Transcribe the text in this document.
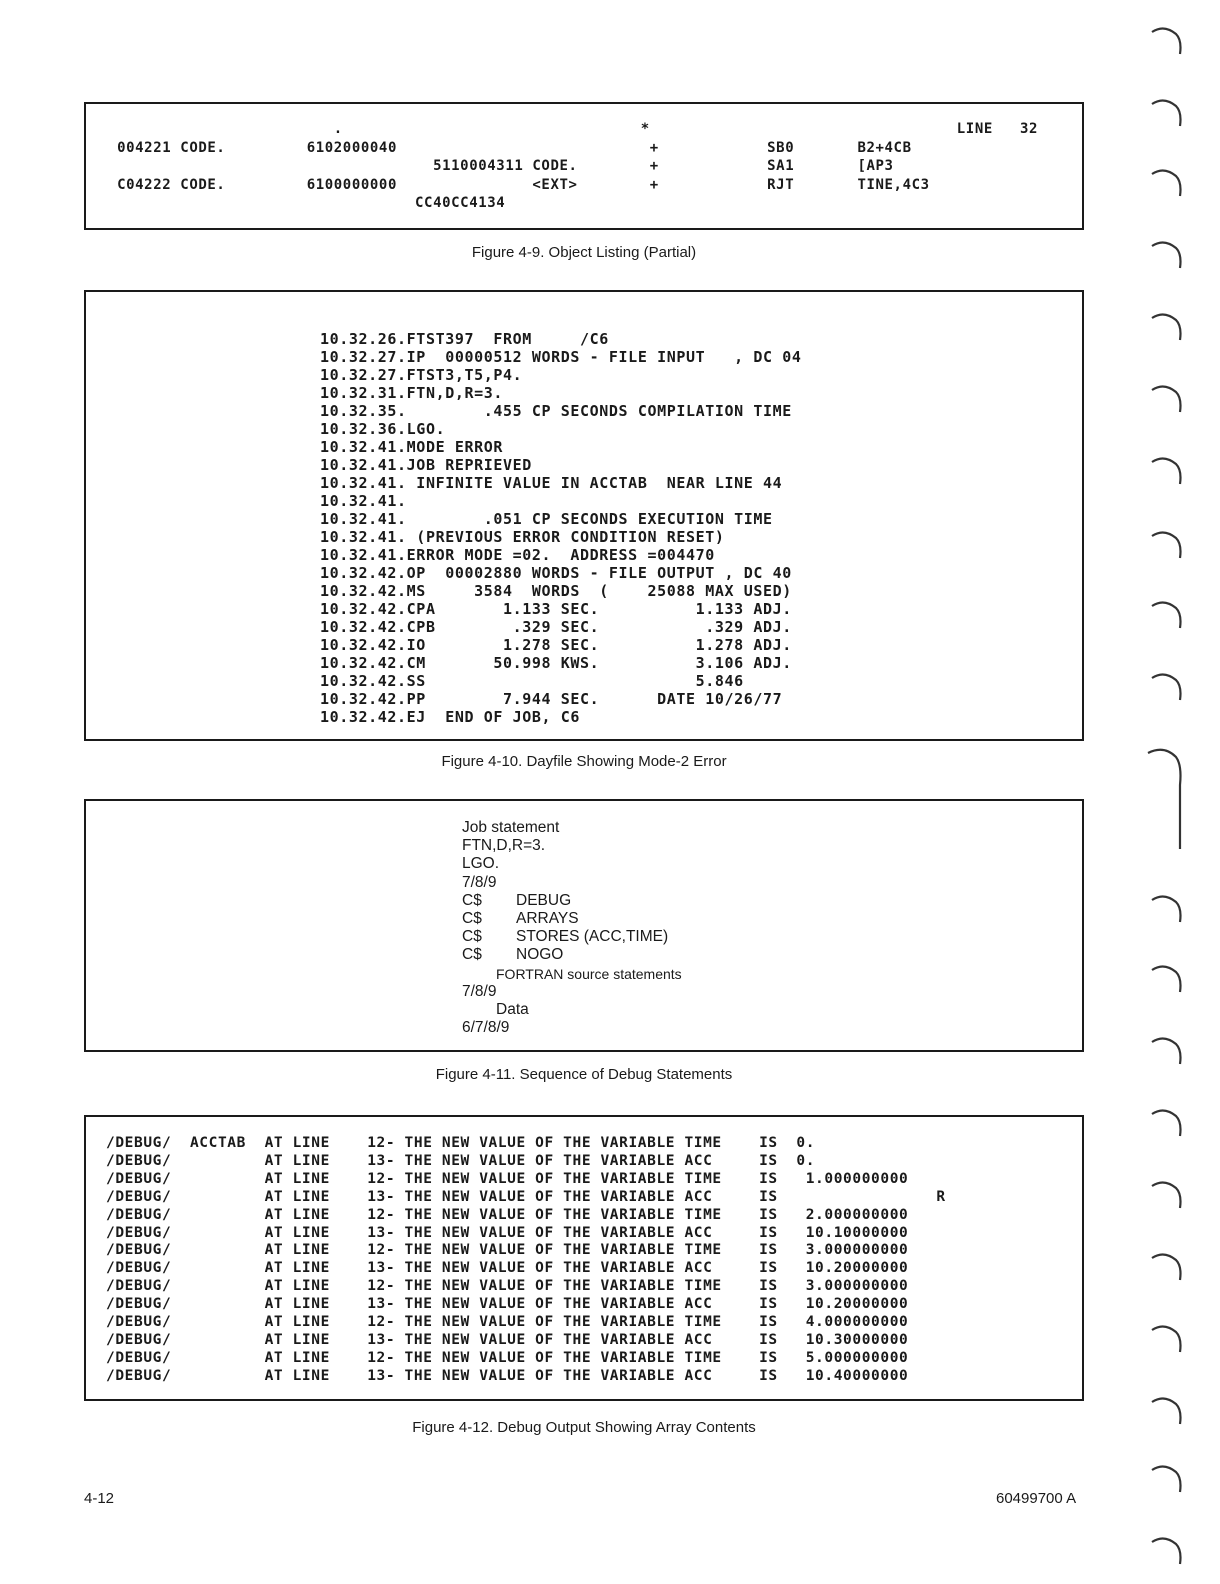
.                                 *                                  LINE   32
004221 CODE.         6102000040                            +            SB0       B2+4CB
5110004311 CODE.        +            SA1       [AP3
C04222 CODE.         6100000000               <EXT>        +            RJT       TINE,4C3
CC40CC4134
Figure 4-9. Object Listing (Partial)
10.32.26.FTST397  FROM     /C6
10.32.27.IP  00000512 WORDS - FILE INPUT   , DC 04
10.32.27.FTST3,T5,P4.
10.32.31.FTN,D,R=3.
10.32.35.        .455 CP SECONDS COMPILATION TIME
10.32.36.LGO.
10.32.41.MODE ERROR
10.32.41.JOB REPRIEVED
10.32.41. INFINITE VALUE IN ACCTAB  NEAR LINE 44
10.32.41.
10.32.41.        .051 CP SECONDS EXECUTION TIME
10.32.41. (PREVIOUS ERROR CONDITION RESET)
10.32.41.ERROR MODE =02.  ADDRESS =004470
10.32.42.OP  00002880 WORDS - FILE OUTPUT , DC 40
10.32.42.MS     3584  WORDS  (    25088 MAX USED)
10.32.42.CPA       1.133 SEC.          1.133 ADJ.
10.32.42.CPB        .329 SEC.           .329 ADJ.
10.32.42.IO        1.278 SEC.          1.278 ADJ.
10.32.42.CM       50.998 KWS.          3.106 ADJ.
10.32.42.SS                            5.846
10.32.42.PP        7.944 SEC.      DATE 10/26/77
10.32.42.EJ  END OF JOB, C6
Figure 4-10. Dayfile Showing Mode-2 Error
Job statement
FTN,D,R=3.
LGO.
7/8/9
C$ DEBUG
C$ ARRAYS
C$ STORES (ACC,TIME)
C$ NOGO
FORTRAN source statements
7/8/9
Data
6/7/8/9
Figure 4-11. Sequence of Debug Statements
/DEBUG/  ACCTAB  AT LINE    12- THE NEW VALUE OF THE VARIABLE TIME    IS  0.
/DEBUG/          AT LINE    13- THE NEW VALUE OF THE VARIABLE ACC     IS  0.
/DEBUG/          AT LINE    12- THE NEW VALUE OF THE VARIABLE TIME    IS   1.000000000
/DEBUG/          AT LINE    13- THE NEW VALUE OF THE VARIABLE ACC     IS                 R
/DEBUG/          AT LINE    12- THE NEW VALUE OF THE VARIABLE TIME    IS   2.000000000
/DEBUG/          AT LINE    13- THE NEW VALUE OF THE VARIABLE ACC     IS   10.10000000
/DEBUG/          AT LINE    12- THE NEW VALUE OF THE VARIABLE TIME    IS   3.000000000
/DEBUG/          AT LINE    13- THE NEW VALUE OF THE VARIABLE ACC     IS   10.20000000
/DEBUG/          AT LINE    12- THE NEW VALUE OF THE VARIABLE TIME    IS   3.000000000
/DEBUG/          AT LINE    13- THE NEW VALUE OF THE VARIABLE ACC     IS   10.20000000
/DEBUG/          AT LINE    12- THE NEW VALUE OF THE VARIABLE TIME    IS   4.000000000
/DEBUG/          AT LINE    13- THE NEW VALUE OF THE VARIABLE ACC     IS   10.30000000
/DEBUG/          AT LINE    12- THE NEW VALUE OF THE VARIABLE TIME    IS   5.000000000
/DEBUG/          AT LINE    13- THE NEW VALUE OF THE VARIABLE ACC     IS   10.40000000
Figure 4-12. Debug Output Showing Array Contents
4-12	60499700 A
